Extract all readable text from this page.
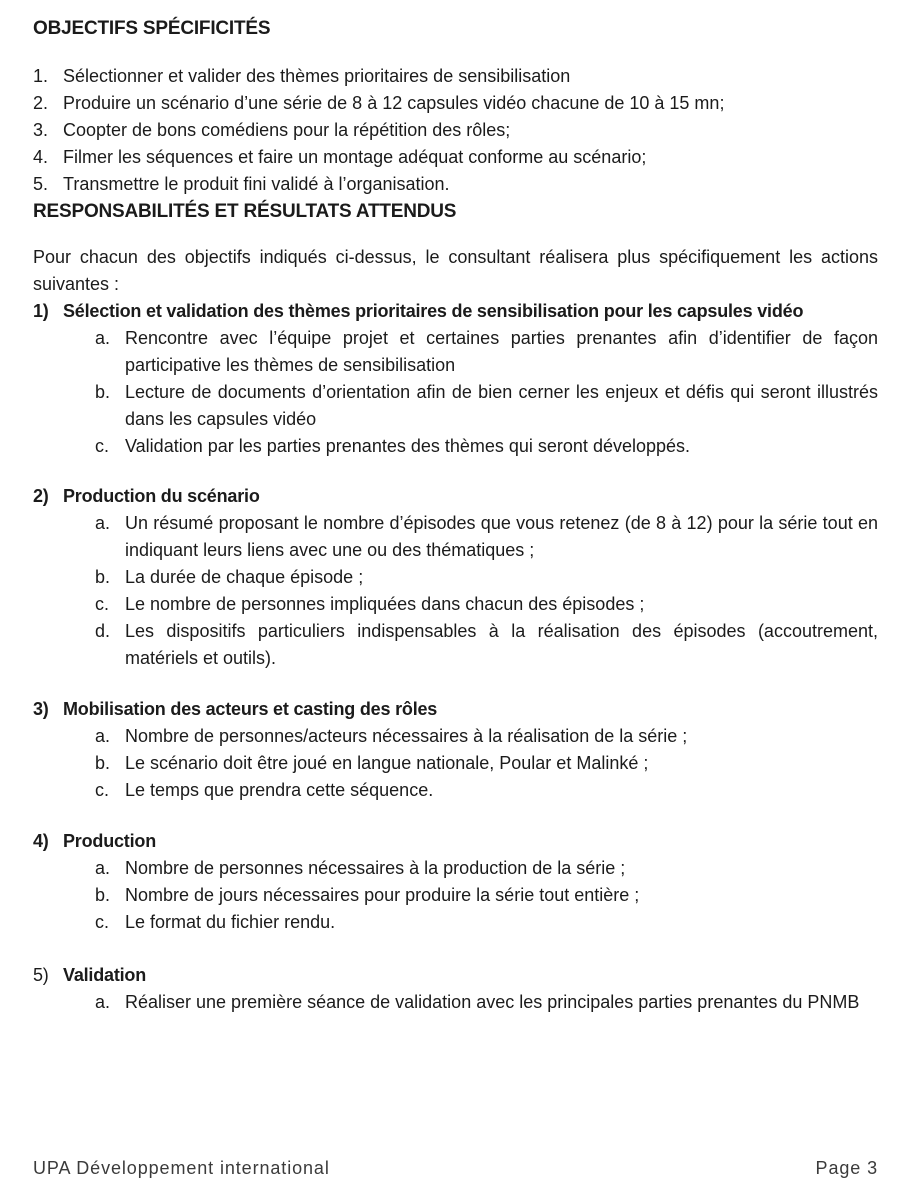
OBJECTIFS SPÉCIFICITÉS
1. Sélectionner et valider des thèmes prioritaires de sensibilisation
2. Produire un scénario d’une série de 8 à 12 capsules vidéo chacune de 10 à 15 mn;
3. Coopter de bons comédiens pour la répétition des rôles;
4. Filmer les séquences et faire un montage adéquat conforme au scénario;
5. Transmettre le produit fini validé à l’organisation.
RESPONSABILITÉS ET RÉSULTATS ATTENDUS

Pour chacun des objectifs indiqués ci-dessus, le consultant réalisera plus spécifiquement les actions suivantes :

1) Sélection et validation des thèmes prioritaires de sensibilisation pour les capsules vidéo
a. Rencontre avec l’équipe projet et certaines parties prenantes afin d’identifier de façon participative les thèmes de sensibilisation
b. Lecture de documents d’orientation afin de bien cerner les enjeux et défis qui seront illustrés dans les capsules vidéo
c. Validation par les parties prenantes des thèmes qui seront développés.
2) Production du scénario
a. Un résumé proposant le nombre d’épisodes que vous retenez (de 8 à 12) pour la série tout en indiquant leurs liens avec une ou des thématiques ;
b. La durée de chaque épisode ;
c. Le nombre de personnes impliquées dans chacun des épisodes ;
d. Les dispositifs particuliers indispensables à la réalisation des épisodes (accoutrement, matériels et outils).
3) Mobilisation des acteurs et casting des rôles
a. Nombre de personnes/acteurs nécessaires à la réalisation de la série ;
b. Le scénario doit être joué en langue nationale, Poular et Malinké ;
c. Le temps que prendra cette séquence.
4) Production
a. Nombre de personnes nécessaires à la production de la série ;
b. Nombre de jours nécessaires pour produire la série tout entière ;
c. Le format du fichier rendu.
5) Validation
a. Réaliser une première séance de validation avec les principales parties prenantes du PNMB
UPA Développement international	Page 3
